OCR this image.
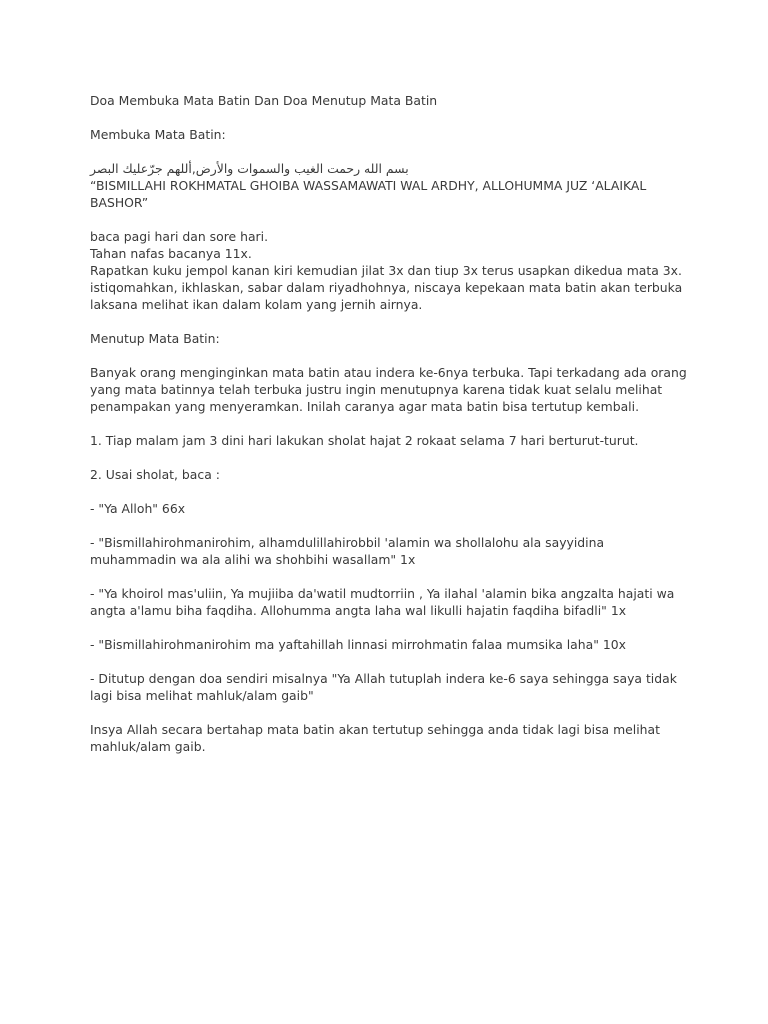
Doa Membuka Mata Batin Dan Doa Menutup Mata Batin

Membuka Mata Batin:

بسم الله رحمت الغيب والسموات والأرض,أللهم جرّعليك البصر

“BISMILLAHI ROKHMATAL GHOIBA WASSAMAWATI WAL ARDHY, ALLOHUMMA JUZ ‘ALAIKAL BASHOR”

baca pagi hari dan sore hari.
Tahan nafas bacanya 11x.
Rapatkan kuku jempol kanan kiri kemudian jilat 3x dan tiup 3x terus usapkan dikedua mata 3x.
istiqomahkan, ikhlaskan, sabar dalam riyadhohnya, niscaya kepekaan mata batin akan terbuka laksana melihat ikan dalam kolam yang jernih airnya.

Menutup Mata Batin:

Banyak orang menginginkan mata batin atau indera ke-6nya terbuka. Tapi terkadang ada orang yang mata batinnya telah terbuka justru ingin menutupnya karena tidak kuat selalu melihat penampakan yang menyeramkan. Inilah caranya agar mata batin bisa tertutup kembali.

1. Tiap malam jam 3 dini hari lakukan sholat hajat 2 rokaat selama 7 hari berturut-turut.

2. Usai sholat, baca :

- "Ya Alloh" 66x

- "Bismillahirohmanirohim, alhamdulillahirobbil 'alamin wa shollalohu ala sayyidina muhammadin wa ala alihi wa shohbihi wasallam" 1x

- "Ya khoirol mas'uliin, Ya mujiiba da'watil mudtorriin , Ya ilahal 'alamin bika angzalta hajati wa angta a'lamu biha faqdiha. Allohumma angta laha wal likulli hajatin faqdiha bifadli" 1x

- "Bismillahirohmanirohim ma yaftahillah linnasi mirrohmatin falaa mumsika laha" 10x

- Ditutup dengan doa sendiri misalnya "Ya Allah tutuplah indera ke-6 saya sehingga saya tidak lagi bisa melihat mahluk/alam gaib"

Insya Allah secara bertahap mata batin akan tertutup sehingga anda tidak lagi bisa melihat mahluk/alam gaib.
